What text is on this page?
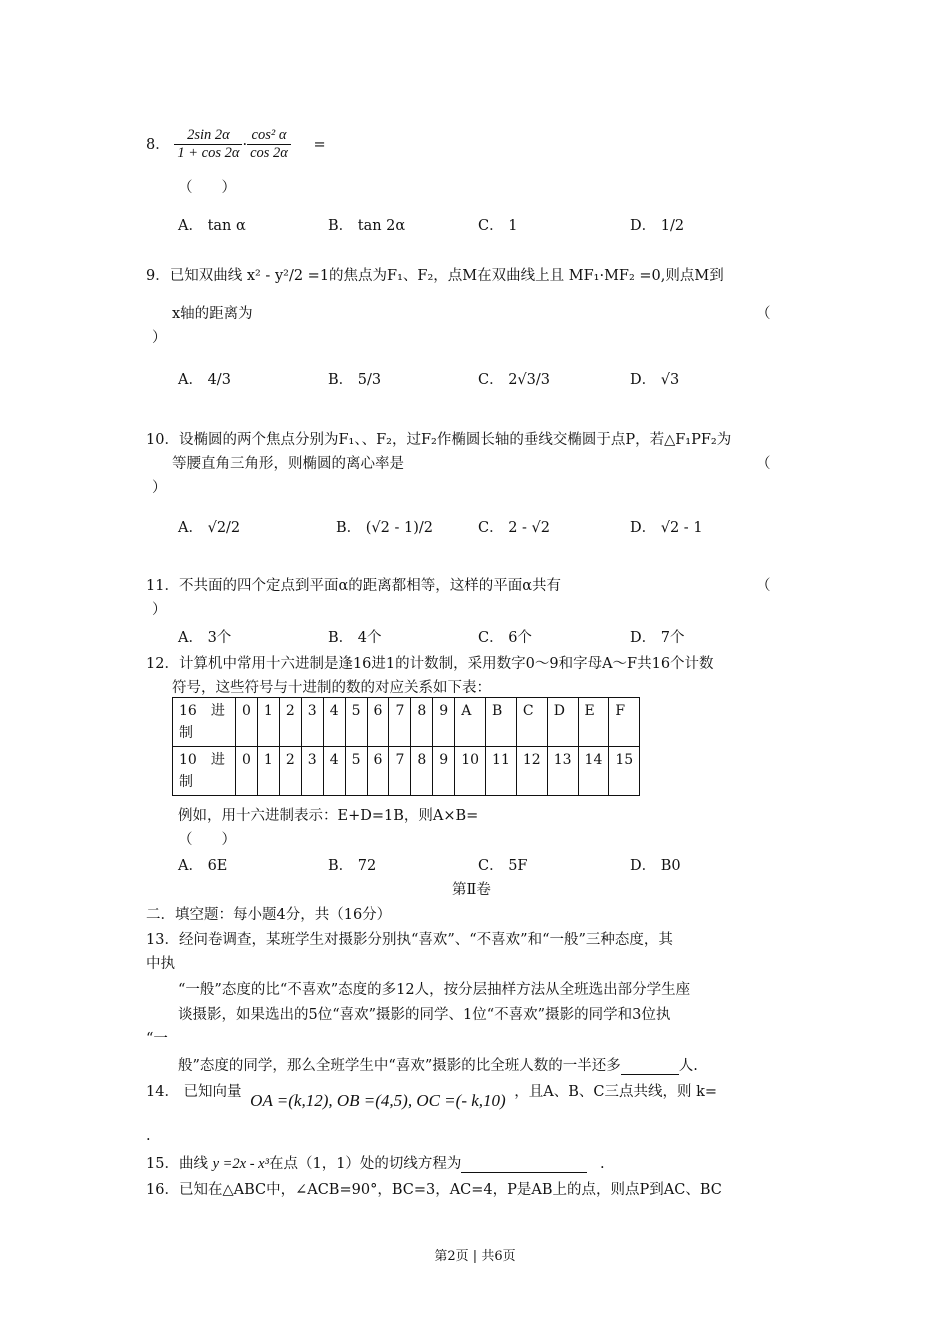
8． $\frac{2\sin 2\alpha}{1 + \cos 2\alpha} \cdot \frac{\text{cos² α}}{\cos 2\alpha}$ =
（　　）
A． tan α	B． tan 2α	C． 1	D． 1/2
9．已知双曲线 x² - y²/2 =1的焦点为F₁、F₂，点M在双曲线上且 MF₁·MF₂ =0,则点M到
x轴的距离为	（
）
A． 4/3	B． 5/3	C． 2√3/3	D． √3
10．设椭圆的两个焦点分别为F₁、、F₂，过F₂作椭圆长轴的垂线交椭圆于点P，若△F₁PF₂为
等腰直角三角形，则椭圆的离心率是	（
）
A． √2/2	B． (√2 - 1)/2	C． 2 - √2	D． √2 - 1
11．不共面的四个定点到平面α的距离都相等，这样的平面α共有	（
）
A． 3个	B． 4个	C． 6个	D． 7个
12．计算机中常用十六进制是逢16进1的计数制，采用数字0～9和字母A～F共16个计数
符号，这些符号与十进制的数的对应关系如下表：
16　进制	0	1	2	3	4	5	6	7	8	9	A	B	C	D	E	F
10　进制	0	1	2	3	4	5	6	7	8	9	10	11	12	13	14	15
例如，用十六进制表示：E+D=1B，则A×B=
（　　）
A． 6E	B． 72	C． 5F	D． B0
第Ⅱ卷
二．填空题：每小题4分，共（16分）
13．经问卷调查，某班学生对摄影分别执“喜欢”、“不喜欢”和“一般”三种态度，其
中执
“一般”态度的比“不喜欢”态度的多12人，按分层抽样方法从全班选出部分学生座
谈摄影，如果选出的5位“喜欢”摄影的同学、1位“不喜欢”摄影的同学和3位执
“一
般”态度的同学，那么全班学生中“喜欢”摄影的比全班人数的一半还多	人.
14． 已知向量 OA =(k,12), OB =(4,5), OC =(- k,10) ，且A、B、C三点共线，则 k=
.
15．曲线 y =2x - x³在点（1，1）处的切线方程为	.
16．已知在△ABC中，∠ACB=90°，BC=3，AC=4，P是AB上的点，则点P到AC、BC
第2页 | 共6页
